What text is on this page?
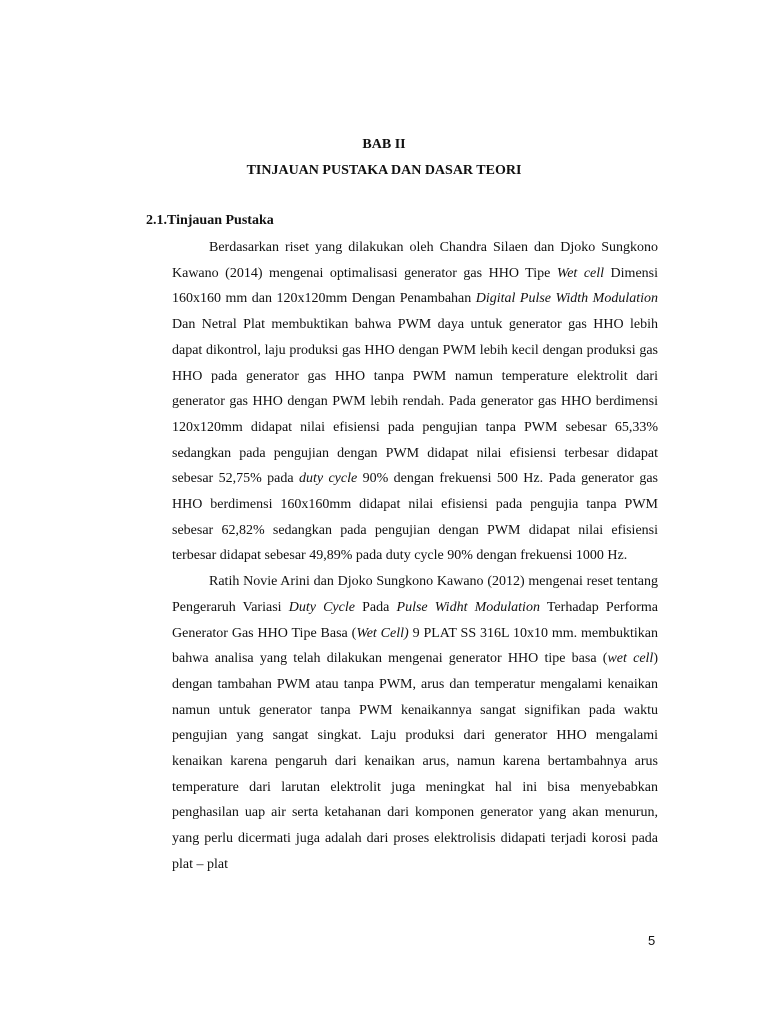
BAB II
TINJAUAN PUSTAKA DAN DASAR TEORI
2.1.Tinjauan Pustaka

Berdasarkan riset yang dilakukan oleh Chandra Silaen dan Djoko Sungkono Kawano (2014) mengenai optimalisasi generator gas HHO Tipe Wet cell Dimensi 160x160 mm dan 120x120mm Dengan Penambahan Digital Pulse Width Modulation Dan Netral Plat membuktikan bahwa PWM daya untuk generator gas HHO lebih dapat dikontrol, laju produksi gas HHO dengan PWM lebih kecil dengan produksi gas HHO pada generator gas HHO tanpa PWM namun temperature elektrolit dari generator gas HHO dengan PWM lebih rendah. Pada generator gas HHO berdimensi 120x120mm didapat nilai efisiensi pada pengujian tanpa PWM sebesar 65,33% sedangkan pada pengujian dengan PWM didapat nilai efisiensi terbesar didapat sebesar 52,75% pada duty cycle 90% dengan frekuensi 500 Hz. Pada generator gas HHO berdimensi 160x160mm didapat nilai efisiensi pada pengujia tanpa PWM sebesar 62,82% sedangkan pada pengujian dengan PWM didapat nilai efisiensi terbesar didapat sebesar 49,89% pada duty cycle 90% dengan frekuensi 1000 Hz.

Ratih Novie Arini dan Djoko Sungkono Kawano (2012) mengenai reset tentang Pengeraruh Variasi Duty Cycle Pada Pulse Widht Modulation Terhadap Performa Generator Gas HHO Tipe Basa (Wet Cell) 9 PLAT SS 316L 10x10 mm. membuktikan bahwa analisa yang telah dilakukan mengenai generator HHO tipe basa (wet cell) dengan tambahan PWM atau tanpa PWM, arus dan temperatur mengalami kenaikan namun untuk generator tanpa PWM kenaikannya sangat signifikan pada waktu pengujian yang sangat singkat. Laju produksi dari generator HHO mengalami kenaikan karena pengaruh dari kenaikan arus, namun karena bertambahnya arus temperature dari larutan elektrolit juga meningkat hal ini bisa menyebabkan penghasilan uap air serta ketahanan dari komponen generator yang akan menurun, yang perlu dicermati juga adalah dari proses elektrolisis didapati terjadi korosi pada plat – plat

5
